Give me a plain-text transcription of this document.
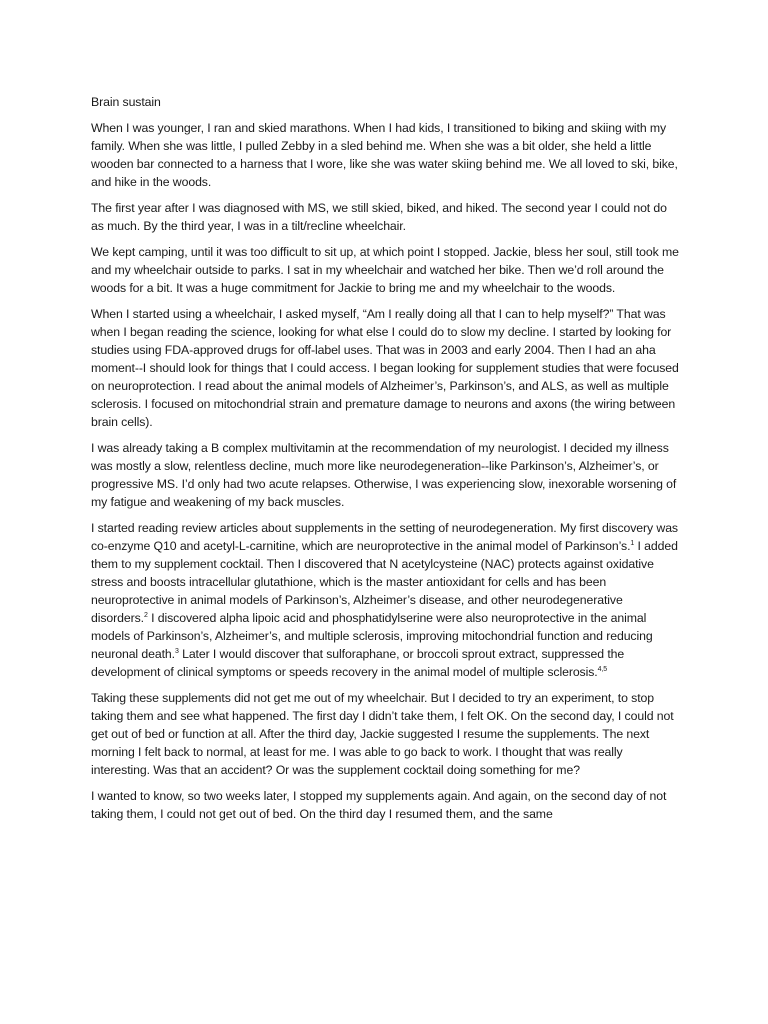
Brain sustain

When I was younger, I ran and skied marathons. When I had kids, I transitioned to biking and skiing with my family. When she was little, I pulled Zebby in a sled behind me. When she was a bit older, she held a little wooden bar connected to a harness that I wore, like she was water skiing behind me. We all loved to ski, bike, and hike in the woods.

The first year after I was diagnosed with MS, we still skied, biked, and hiked. The second year I could not do as much. By the third year, I was in a tilt/recline wheelchair.

We kept camping, until it was too difficult to sit up, at which point I stopped. Jackie, bless her soul, still took me and my wheelchair outside to parks. I sat in my wheelchair and watched her bike. Then we’d roll around the woods for a bit. It was a huge commitment for Jackie to bring me and my wheelchair to the woods.

When I started using a wheelchair, I asked myself, “Am I really doing all that I can to help myself?” That was when I began reading the science, looking for what else I could do to slow my decline. I started by looking for studies using FDA-approved drugs for off-label uses. That was in 2003 and early 2004. Then I had an aha moment--I should look for things that I could access. I began looking for supplement studies that were focused on neuroprotection. I read about the animal models of Alzheimer’s, Parkinson’s, and ALS, as well as multiple sclerosis. I focused on mitochondrial strain and premature damage to neurons and axons (the wiring between brain cells).

I was already taking a B complex multivitamin at the recommendation of my neurologist. I decided my illness was mostly a slow, relentless decline, much more like neurodegeneration--like Parkinson’s, Alzheimer’s, or progressive MS. I’d only had two acute relapses. Otherwise, I was experiencing slow, inexorable worsening of my fatigue and weakening of my back muscles.

I started reading review articles about supplements in the setting of neurodegeneration. My first discovery was co-enzyme Q10 and acetyl-L-carnitine, which are neuroprotective in the animal model of Parkinson’s.$^1$ I added them to my supplement cocktail. Then I discovered that N acetylcysteine (NAC) protects against oxidative stress and boosts intracellular glutathione, which is the master antioxidant for cells and has been neuroprotective in animal models of Parkinson’s, Alzheimer’s disease, and other neurodegenerative disorders.$^2$ I discovered alpha lipoic acid and phosphatidylserine were also neuroprotective in the animal models of Parkinson’s, Alzheimer’s, and multiple sclerosis, improving mitochondrial function and reducing neuronal death.$^3$ Later I would discover that sulforaphane, or broccoli sprout extract, suppressed the development of clinical symptoms or speeds recovery in the animal model of multiple sclerosis.$^{4,5}$

Taking these supplements did not get me out of my wheelchair. But I decided to try an experiment, to stop taking them and see what happened. The first day I didn’t take them, I felt OK. On the second day, I could not get out of bed or function at all. After the third day, Jackie suggested I resume the supplements. The next morning I felt back to normal, at least for me. I was able to go back to work. I thought that was really interesting. Was that an accident? Or was the supplement cocktail doing something for me?

I wanted to know, so two weeks later, I stopped my supplements again. And again, on the second day of not taking them, I could not get out of bed. On the third day I resumed them, and the same
